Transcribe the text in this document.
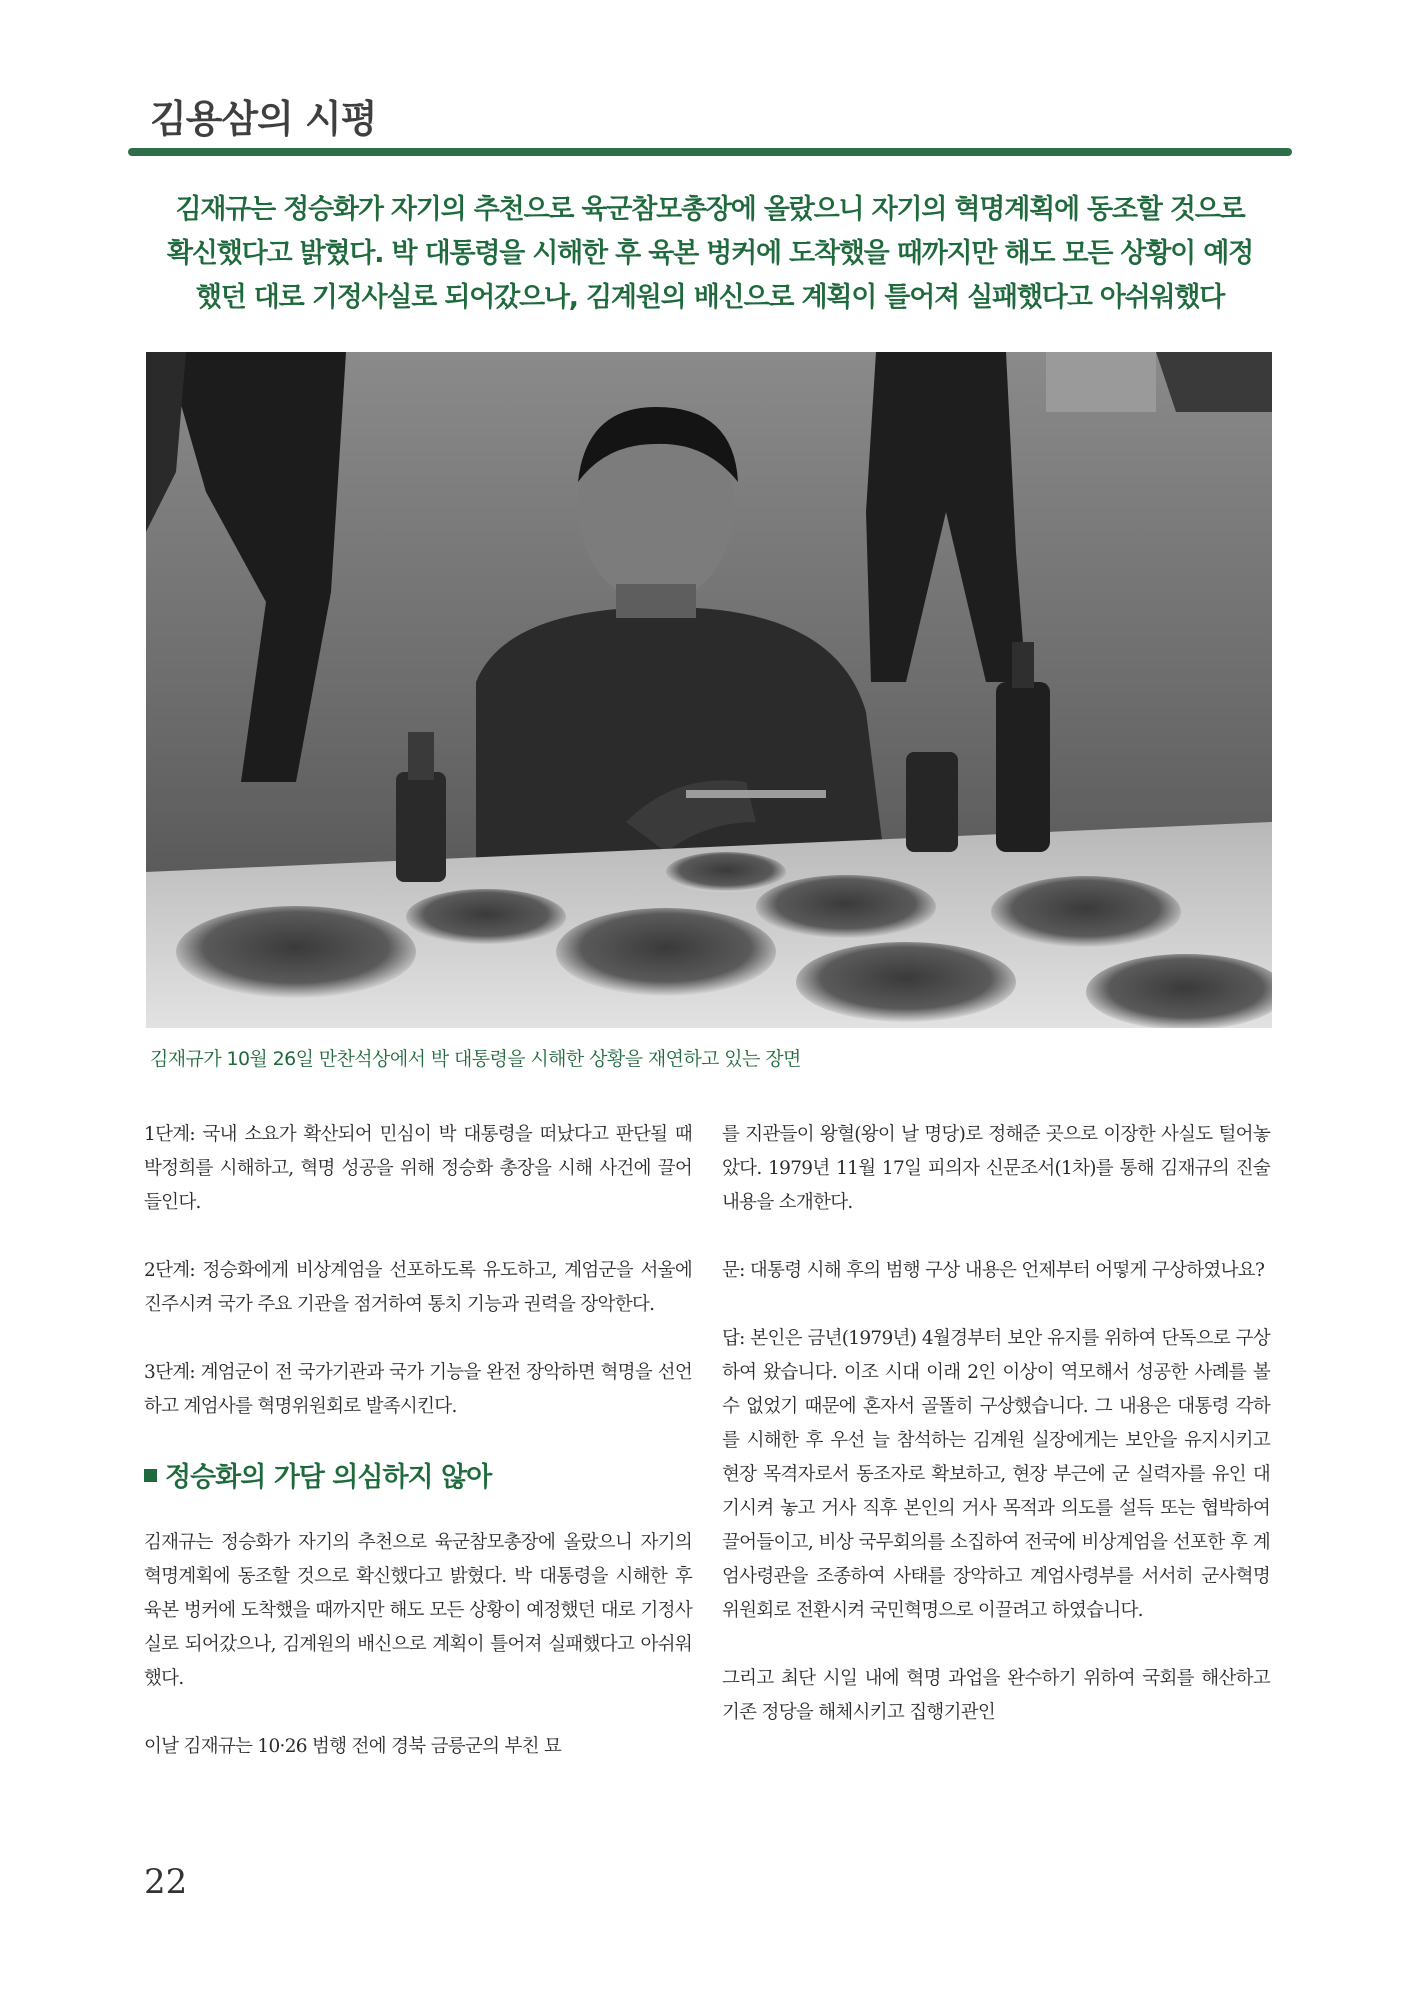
김용삼의 시평
김재규는 정승화가 자기의 추천으로 육군참모총장에 올랐으니 자기의 혁명계획에 동조할 것으로
확신했다고 밝혔다. 박 대통령을 시해한 후 육본 벙커에 도착했을 때까지만 해도 모든 상황이 예정
했던 대로 기정사실로 되어갔으나, 김계원의 배신으로 계획이 틀어져 실패했다고 아쉬워했다
김재규가 10월 26일 만찬석상에서 박 대통령을 시해한 상황을 재연하고 있는 장면

1단계: 국내 소요가 확산되어 민심이 박 대통령을 떠났다고 판단될 때 박정희를 시해하고, 혁명 성공을 위해 정승화 총장을 시해 사건에 끌어들인다.

2단계: 정승화에게 비상계엄을 선포하도록 유도하고, 계엄군을 서울에 진주시켜 국가 주요 기관을 점거하여 통치 기능과 권력을 장악한다.

3단계: 계엄군이 전 국가기관과 국가 기능을 완전 장악하면 혁명을 선언하고 계엄사를 혁명위원회로 발족시킨다.

정승화의 가담 의심하지 않아

김재규는 정승화가 자기의 추천으로 육군참모총장에 올랐으니 자기의 혁명계획에 동조할 것으로 확신했다고 밝혔다. 박 대통령을 시해한 후 육본 벙커에 도착했을 때까지만 해도 모든 상황이 예정했던 대로 기정사실로 되어갔으나, 김계원의 배신으로 계획이 틀어져 실패했다고 아쉬워했다.

이날 김재규는 10·26 범행 전에 경북 금릉군의 부친 묘

를 지관들이 왕혈(왕이 날 명당)로 정해준 곳으로 이장한 사실도 털어놓았다. 1979년 11월 17일 피의자 신문조서(1차)를 통해 김재규의 진술 내용을 소개한다.

문: 대통령 시해 후의 범행 구상 내용은 언제부터 어떻게 구상하였나요?

답: 본인은 금년(1979년) 4월경부터 보안 유지를 위하여 단독으로 구상하여 왔습니다. 이조 시대 이래 2인 이상이 역모해서 성공한 사례를 볼 수 없었기 때문에 혼자서 골똘히 구상했습니다. 그 내용은 대통령 각하를 시해한 후 우선 늘 참석하는 김계원 실장에게는 보안을 유지시키고 현장 목격자로서 동조자로 확보하고, 현장 부근에 군 실력자를 유인 대기시켜 놓고 거사 직후 본인의 거사 목적과 의도를 설득 또는 협박하여 끌어들이고, 비상 국무회의를 소집하여 전국에 비상계엄을 선포한 후 계엄사령관을 조종하여 사태를 장악하고 계엄사령부를 서서히 군사혁명 위원회로 전환시켜 국민혁명으로 이끌려고 하였습니다.

그리고 최단 시일 내에 혁명 과업을 완수하기 위하여 국회를 해산하고 기존 정당을 해체시키고 집행기관인

22
